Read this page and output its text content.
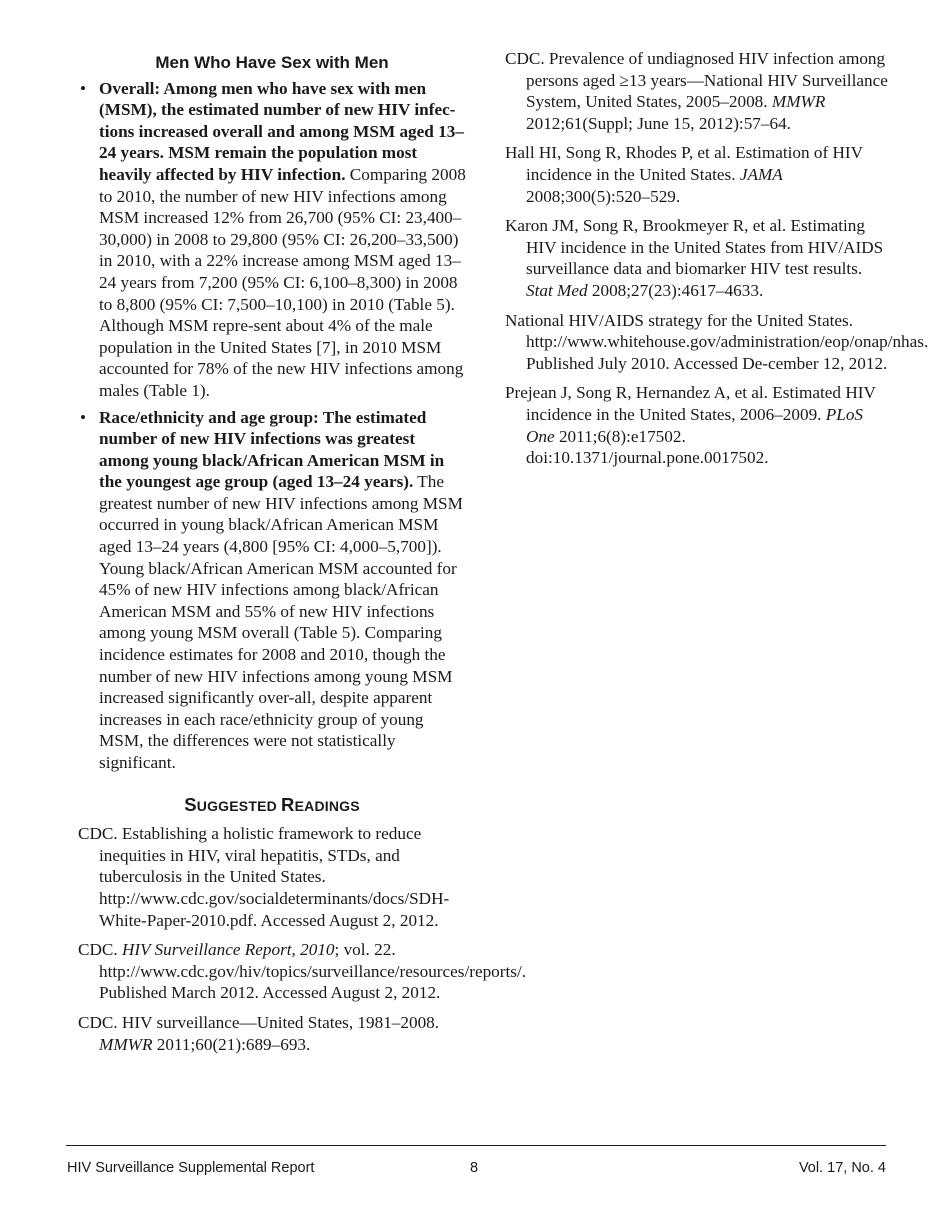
Men Who Have Sex with Men
• Overall: Among men who have sex with men (MSM), the estimated number of new HIV infec-tions increased overall and among MSM aged 13–24 years. MSM remain the population most heavily affected by HIV infection. Comparing 2008 to 2010, the number of new HIV infections among MSM increased 12% from 26,700 (95% CI: 23,400–30,000) in 2008 to 29,800 (95% CI: 26,200–33,500) in 2010, with a 22% increase among MSM aged 13–24 years from 7,200 (95% CI: 6,100–8,300) in 2008 to 8,800 (95% CI: 7,500–10,100) in 2010 (Table 5). Although MSM repre-sent about 4% of the male population in the United States [7], in 2010 MSM accounted for 78% of the new HIV infections among males (Table 1).
• Race/ethnicity and age group: The estimated number of new HIV infections was greatest among young black/African American MSM in the youngest age group (aged 13–24 years). The greatest number of new HIV infections among MSM occurred in young black/African American MSM aged 13–24 years (4,800 [95% CI: 4,000–5,700]). Young black/African American MSM accounted for 45% of new HIV infections among black/African American MSM and 55% of new HIV infections among young MSM overall (Table 5). Comparing incidence estimates for 2008 and 2010, though the number of new HIV infections among young MSM increased significantly over-all, despite apparent increases in each race/ethnicity group of young MSM, the differences were not statistically significant.
SUGGESTED READINGS
CDC. Establishing a holistic framework to reduce inequities in HIV, viral hepatitis, STDs, and tuberculosis in the United States. http://www.cdc.gov/socialdeterminants/docs/SDH-White-Paper-2010.pdf. Accessed August 2, 2012.
CDC. HIV Surveillance Report, 2010; vol. 22. http://www.cdc.gov/hiv/topics/surveillance/resources/reports/. Published March 2012. Accessed August 2, 2012.
CDC. HIV surveillance—United States, 1981–2008. MMWR 2011;60(21):689–693.
CDC. Prevalence of undiagnosed HIV infection among persons aged ≥13 years—National HIV Surveillance System, United States, 2005–2008. MMWR 2012;61(Suppl; June 15, 2012):57–64.
Hall HI, Song R, Rhodes P, et al. Estimation of HIV incidence in the United States. JAMA 2008;300(5):520–529.
Karon JM, Song R, Brookmeyer R, et al. Estimating HIV incidence in the United States from HIV/AIDS surveillance data and biomarker HIV test results. Stat Med 2008;27(23):4617–4633.
National HIV/AIDS strategy for the United States. http://www.whitehouse.gov/administration/eop/onap/nhas. Published July 2010. Accessed De-cember 12, 2012.
Prejean J, Song R, Hernandez A, et al. Estimated HIV incidence in the United States, 2006–2009. PLoS One 2011;6(8):e17502. doi:10.1371/journal.pone.0017502.
HIV Surveillance Supplemental Report	8	Vol. 17, No. 4
